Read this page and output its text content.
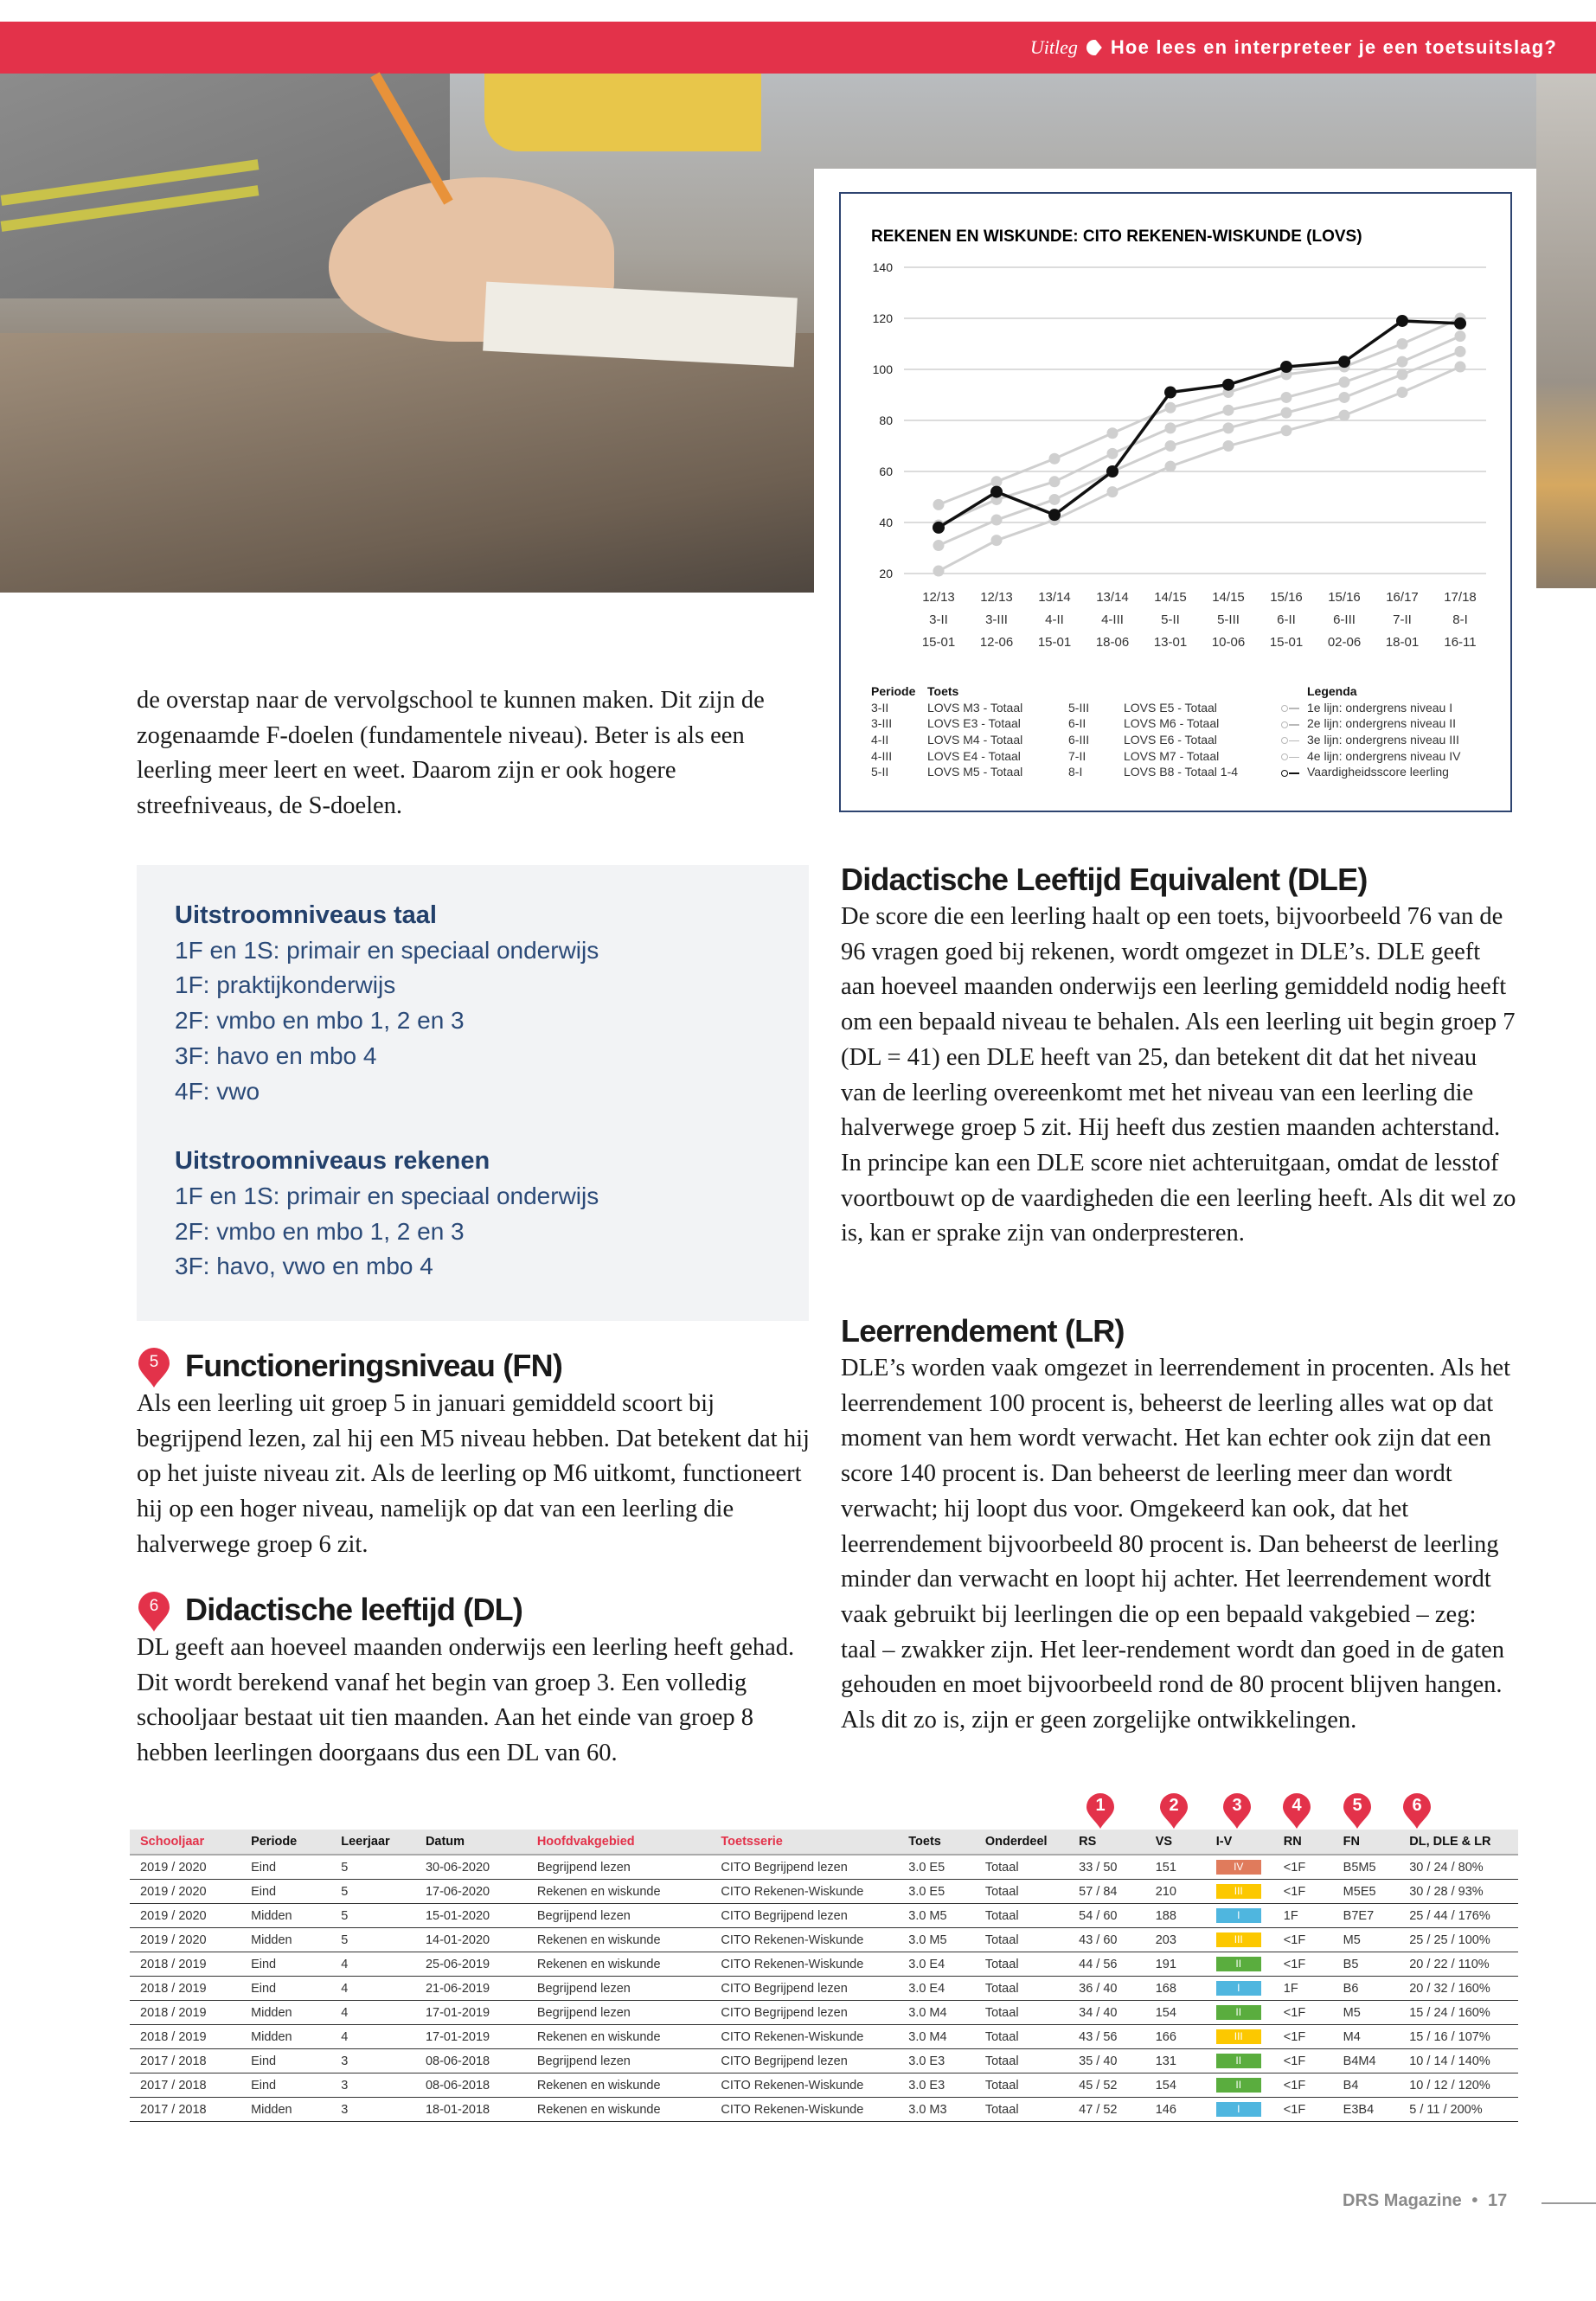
Uitleg Hoe lees en interpreteer je een toetsuitslag?
REKENEN EN WISKUNDE: CITO REKENEN-WISKUNDE (LOVS)
140
120
100
80
60
40
20
12/13
3-II
15-01
12/13
3-III
12-06
13/14
4-II
15-01
13/14
4-III
18-06
14/15
5-II
13-01
14/15
5-III
10-06
15/16
6-II
15-01
15/16
6-III
02-06
16/17
7-II
18-01
17/18
8-I
16-11
Periode Toets
3-II	LOVS M3 - Totaal	5-III	LOVS E5 - Totaal
3-III	LOVS E3 - Totaal	6-II	LOVS M6 - Totaal
4-II	LOVS M4 - Totaal	6-III	LOVS E6 - Totaal
4-III	LOVS E4 - Totaal	7-II	LOVS M7 - Totaal
5-II	LOVS M5 - Totaal	8-I	LOVS B8 - Totaal 1-4
Legenda
1e lijn: ondergrens niveau I
2e lijn: ondergrens niveau II
3e lijn: ondergrens niveau III
4e lijn: ondergrens niveau IV
Vaardigheidsscore leerling
de overstap naar de vervolgschool te kunnen maken. Dit zijn de zogenaamde F-doelen (fundamentele niveau). Beter is als een leerling meer leert en weet. Daarom zijn er ook hogere streefniveaus, de S-doelen.
Uitstroomniveaus taal
1F en 1S: primair en speciaal onderwijs
1F: praktijkonderwijs
2F: vmbo en mbo 1, 2 en 3
3F: havo en mbo 4
4F: vwo
Uitstroomniveaus rekenen
1F en 1S: primair en speciaal onderwijs
2F: vmbo en mbo 1, 2 en 3
3F: havo, vwo en mbo 4
5 Functioneringsniveau (FN)
Als een leerling uit groep 5 in januari gemiddeld scoort bij begrijpend lezen, zal hij een M5 niveau hebben. Dat betekent dat hij op het juiste niveau zit. Als de leerling op M6 uitkomt, functioneert hij op een hoger niveau, namelijk op dat van een leerling die halverwege groep 6 zit.
6 Didactische leeftijd (DL)
DL geeft aan hoeveel maanden onderwijs een leerling heeft gehad. Dit wordt berekend vanaf het begin van groep 3. Een volledig schooljaar bestaat uit tien maanden. Aan het einde van groep 8 hebben leerlingen doorgaans dus een DL van 60.
Didactische Leeftijd Equivalent (DLE)
De score die een leerling haalt op een toets, bijvoorbeeld 76 van de 96 vragen goed bij rekenen, wordt omgezet in DLE’s. DLE geeft aan hoeveel maanden onderwijs een leerling gemiddeld nodig heeft om een bepaald niveau te behalen. Als een leerling uit begin groep 7 (DL = 41) een DLE heeft van 25, dan betekent dit dat het niveau van de leerling overeenkomt met het niveau van een leerling die halverwege groep 5 zit. Hij heeft dus zestien maanden achterstand. In principe kan een DLE score niet achteruitgaan, omdat de lesstof voortbouwt op de vaardigheden die een leerling heeft. Als dit wel zo is, kan er sprake zijn van onderpresteren.
Leerrendement (LR)
DLE’s worden vaak omgezet in leerrendement in procenten. Als het leerrendement 100 procent is, beheerst de leerling alles wat op dat moment van hem wordt verwacht. Het kan echter ook zijn dat een score 140 procent is. Dan beheerst de leerling meer dan wordt verwacht; hij loopt dus voor. Omgekeerd kan ook, dat het leerrendement bijvoorbeeld 80 procent is. Dan beheerst de leerling minder dan verwacht en loopt hij achter. Het leerrendement wordt vaak gebruikt bij leerlingen die op een bepaald vakgebied – zeg: taal – zwakker zijn. Het leer-rendement wordt dan goed in de gaten gehouden en moet bijvoorbeeld rond de 80 procent blijven hangen. Als dit zo is, zijn er geen zorgelijke ontwikkelingen.
1	2	3	4	5	6
Schooljaar	Periode	Leerjaar	Datum	Hoofdvakgebied	Toetsserie	Toets	Onderdeel	RS	VS	I-V	RN	FN	DL, DLE & LR
2019 / 2020	Eind	5	30-06-2020	Begrijpend lezen	CITO Begrijpend lezen	3.0 E5	Totaal	33 / 50	151	IV	<1F	B5M5	30 / 24 / 80%
2019 / 2020	Eind	5	17-06-2020	Rekenen en wiskunde	CITO Rekenen-Wiskunde	3.0 E5	Totaal	57 / 84	210	III	<1F	M5E5	30 / 28 / 93%
2019 / 2020	Midden	5	15-01-2020	Begrijpend lezen	CITO Begrijpend lezen	3.0 M5	Totaal	54 / 60	188	I	1F	B7E7	25 / 44 / 176%
2019 / 2020	Midden	5	14-01-2020	Rekenen en wiskunde	CITO Rekenen-Wiskunde	3.0 M5	Totaal	43 / 60	203	III	<1F	M5	25 / 25 / 100%
2018 / 2019	Eind	4	25-06-2019	Rekenen en wiskunde	CITO Rekenen-Wiskunde	3.0 E4	Totaal	44 / 56	191	II	<1F	B5	20 / 22 / 110%
2018 / 2019	Eind	4	21-06-2019	Begrijpend lezen	CITO Begrijpend lezen	3.0 E4	Totaal	36 / 40	168	I	1F	B6	20 / 32 / 160%
2018 / 2019	Midden	4	17-01-2019	Begrijpend lezen	CITO Begrijpend lezen	3.0 M4	Totaal	34 / 40	154	II	<1F	M5	15 / 24 / 160%
2018 / 2019	Midden	4	17-01-2019	Rekenen en wiskunde	CITO Rekenen-Wiskunde	3.0 M4	Totaal	43 / 56	166	III	<1F	M4	15 / 16 / 107%
2017 / 2018	Eind	3	08-06-2018	Begrijpend lezen	CITO Begrijpend lezen	3.0 E3	Totaal	35 / 40	131	II	<1F	B4M4	10 / 14 / 140%
2017 / 2018	Eind	3	08-06-2018	Rekenen en wiskunde	CITO Rekenen-Wiskunde	3.0 E3	Totaal	45 / 52	154	II	<1F	B4	10 / 12 / 120%
2017 / 2018	Midden	3	18-01-2018	Rekenen en wiskunde	CITO Rekenen-Wiskunde	3.0 M3	Totaal	47 / 52	146	I	<1F	E3B4	5 / 11 / 200%
DRS Magazine • 17
